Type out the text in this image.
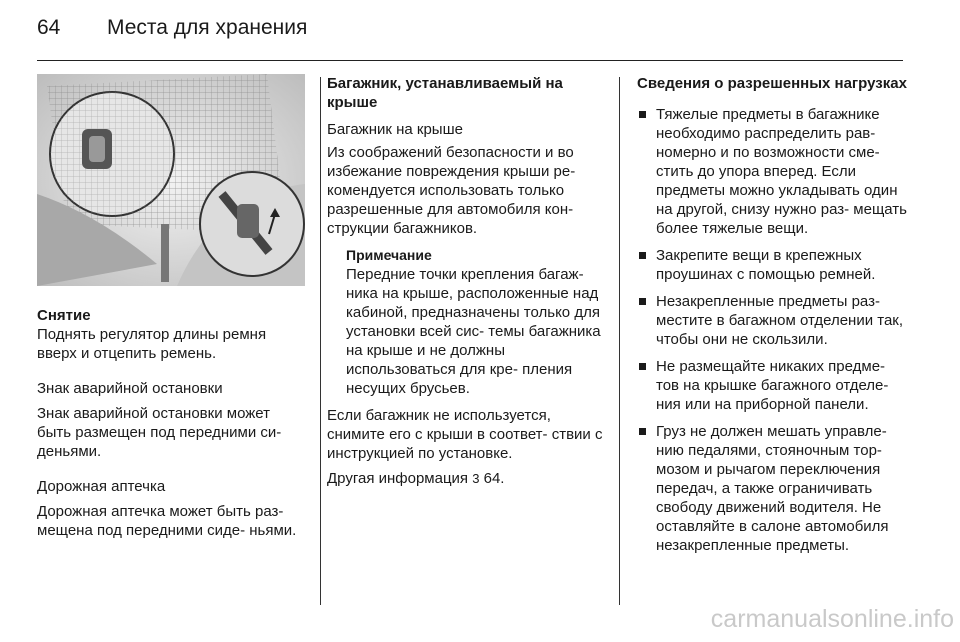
64	Места для хранения

Снятие

Поднять регулятор длины ремня вверх и отцепить ремень.

Знак аварийной остановки

Знак аварийной остановки может быть размещен под передними си- деньями.

Дорожная аптечка

Дорожная аптечка может быть раз- мещена под передними сиде- ньями.

Багажник, устанавливаемый на крыше

Багажник на крыше

Из соображений безопасности и во избежание повреждения крыши ре- комендуется использовать только разрешенные для автомобиля кон- струкции багажников.

Примечание

Передние точки крепления багаж- ника на крыше, расположенные над кабиной, предназначены только для установки всей сис- темы багажника на крыше и не должны использоваться для кре- пления несущих брусьев.

Если багажник не используется, снимите его с крыши в соответ- ствии с инструкцией по установке.

Другая информация 3 64.

Сведения о разрешенных нагрузках

Тяжелые предметы в багажнике необходимо распределить рав- номерно и по возможности сме- стить до упора вперед. Если предметы можно укладывать один на другой, снизу нужно раз- мещать более тяжелые вещи.
Закрепите вещи в крепежных проушинах с помощью ремней.
Незакрепленные предметы раз- местите в багажном отделении так, чтобы они не скользили.
Не размещайте никаких предме- тов на крышке багажного отделе- ния или на приборной панели.
Груз не должен мешать управле- нию педалями, стояночным тор- мозом и рычагом переключения передач, а также ограничивать свободу движений водителя. Не оставляйте в салоне автомобиля незакрепленные предметы.
carmanualsonline.info
